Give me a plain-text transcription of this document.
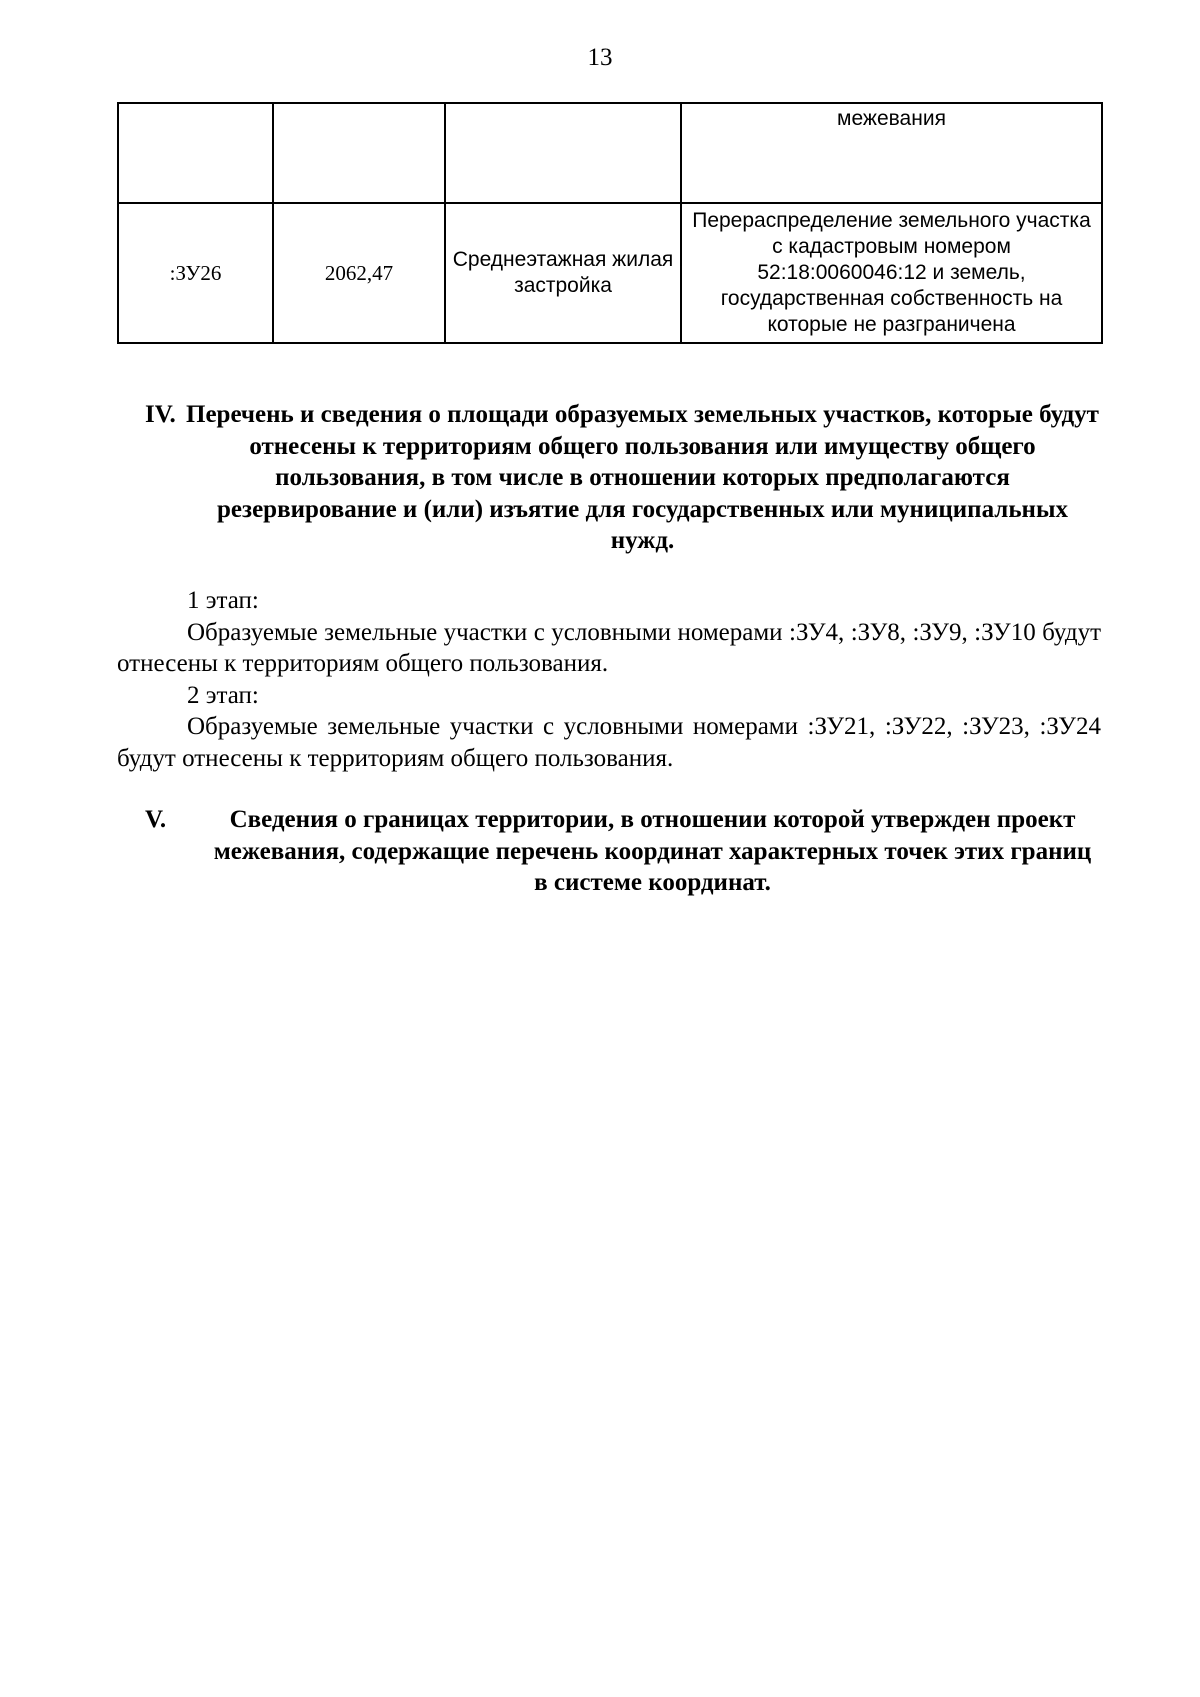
13
			межевания
:ЗУ26	2062,47	Среднеэтажная жилая застройка	Перераспределение земельного участка с кадастровым номером 52:18:0060046:12 и земель, государственная собственность на которые не разграничена
IV. Перечень и сведения о площади образуемых земельных участков, которые будут отнесены к территориям общего пользования или имуществу общего пользования, в том числе в отношении которых предполагаются резервирование и (или) изъятие для государственных или муниципальных нужд.

1 этап:

Образуемые земельные участки с условными номерами :ЗУ4, :ЗУ8, :ЗУ9, :ЗУ10 будут отнесены к территориям общего пользования.

2 этап:

Образуемые земельные участки с условными номерами :ЗУ21, :ЗУ22, :ЗУ23, :ЗУ24 будут отнесены к территориям общего пользования.

V.	Сведения о границах территории, в отношении которой утвержден проект межевания, содержащие перечень координат характерных точек этих границ в системе координат.
